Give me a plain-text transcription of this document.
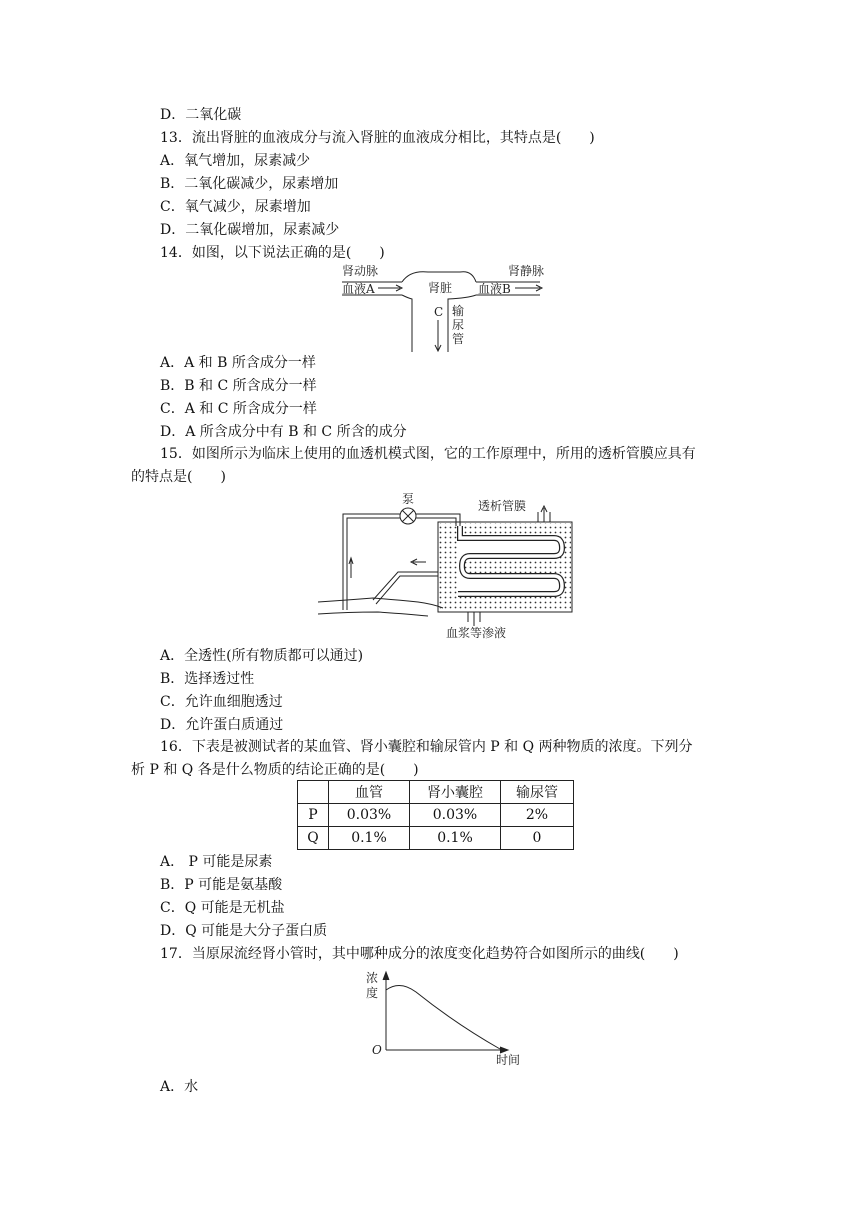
D．二氧化碳
13．流出肾脏的血液成分与流入肾脏的血液成分相比，其特点是(　　)
A．氧气增加，尿素减少
B．二氧化碳减少，尿素增加
C．氧气减少，尿素增加
D．二氧化碳增加，尿素减少
14．如图，以下说法正确的是(　　)
肾动脉
血液A	肾脏
肾静脉
血液B
C 输
尿
管
A．A 和 B 所含成分一样
B．B 和 C 所含成分一样
C．A 和 C 所含成分一样
D．A 所含成分中有 B 和 C 所含的成分
15．如图所示为临床上使用的血透机模式图，它的工作原理中，所用的透析管膜应具有
的特点是(　　)
泵	透析管膜
血浆等渗液
A．全透性(所有物质都可以通过)
B．选择透过性
C．允许血细胞透过
D．允许蛋白质通过
16．下表是被测试者的某血管、肾小囊腔和输尿管内 P 和 Q 两种物质的浓度。下列分
析 P 和 Q 各是什么物质的结论正确的是(　　)
	血管	肾小囊腔	输尿管
P	0.03%	0.03%	2%
Q	0.1%	0.1%	0
A． P 可能是尿素
B．P 可能是氨基酸
C．Q 可能是无机盐
D．Q 可能是大分子蛋白质
17．当原尿流经肾小管时，其中哪种成分的浓度变化趋势符合如图所示的曲线(　　)
浓
度
O
时间
A．水
